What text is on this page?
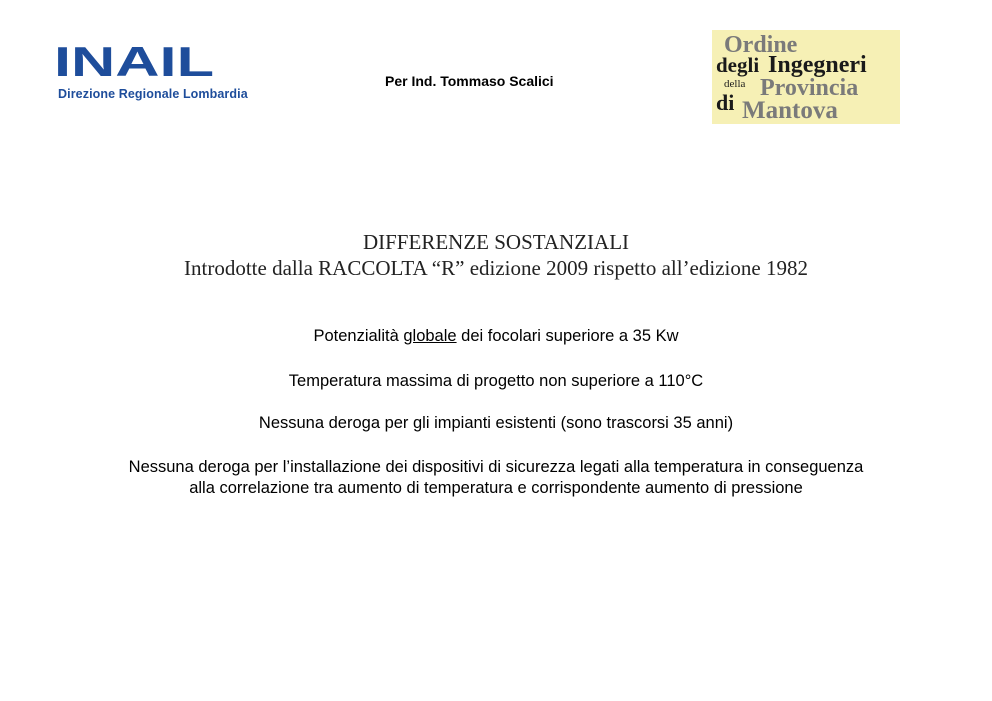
INAIL
Direzione Regionale Lombardia
Per Ind. Tommaso Scalici
Ordine
degli Ingegneri
della Provincia
di Mantova
DIFFERENZE SOSTANZIALI
Introdotte dalla RACCOLTA “R” edizione 2009 rispetto all’edizione 1982
Potenzialità globale dei focolari superiore a 35 Kw
Temperatura massima di progetto non superiore a 110°C
Nessuna deroga per gli impianti esistenti (sono trascorsi 35 anni)
Nessuna deroga per l’installazione dei dispositivi di sicurezza legati alla temperatura in conseguenza
alla correlazione tra aumento di temperatura e corrispondente aumento di pressione
